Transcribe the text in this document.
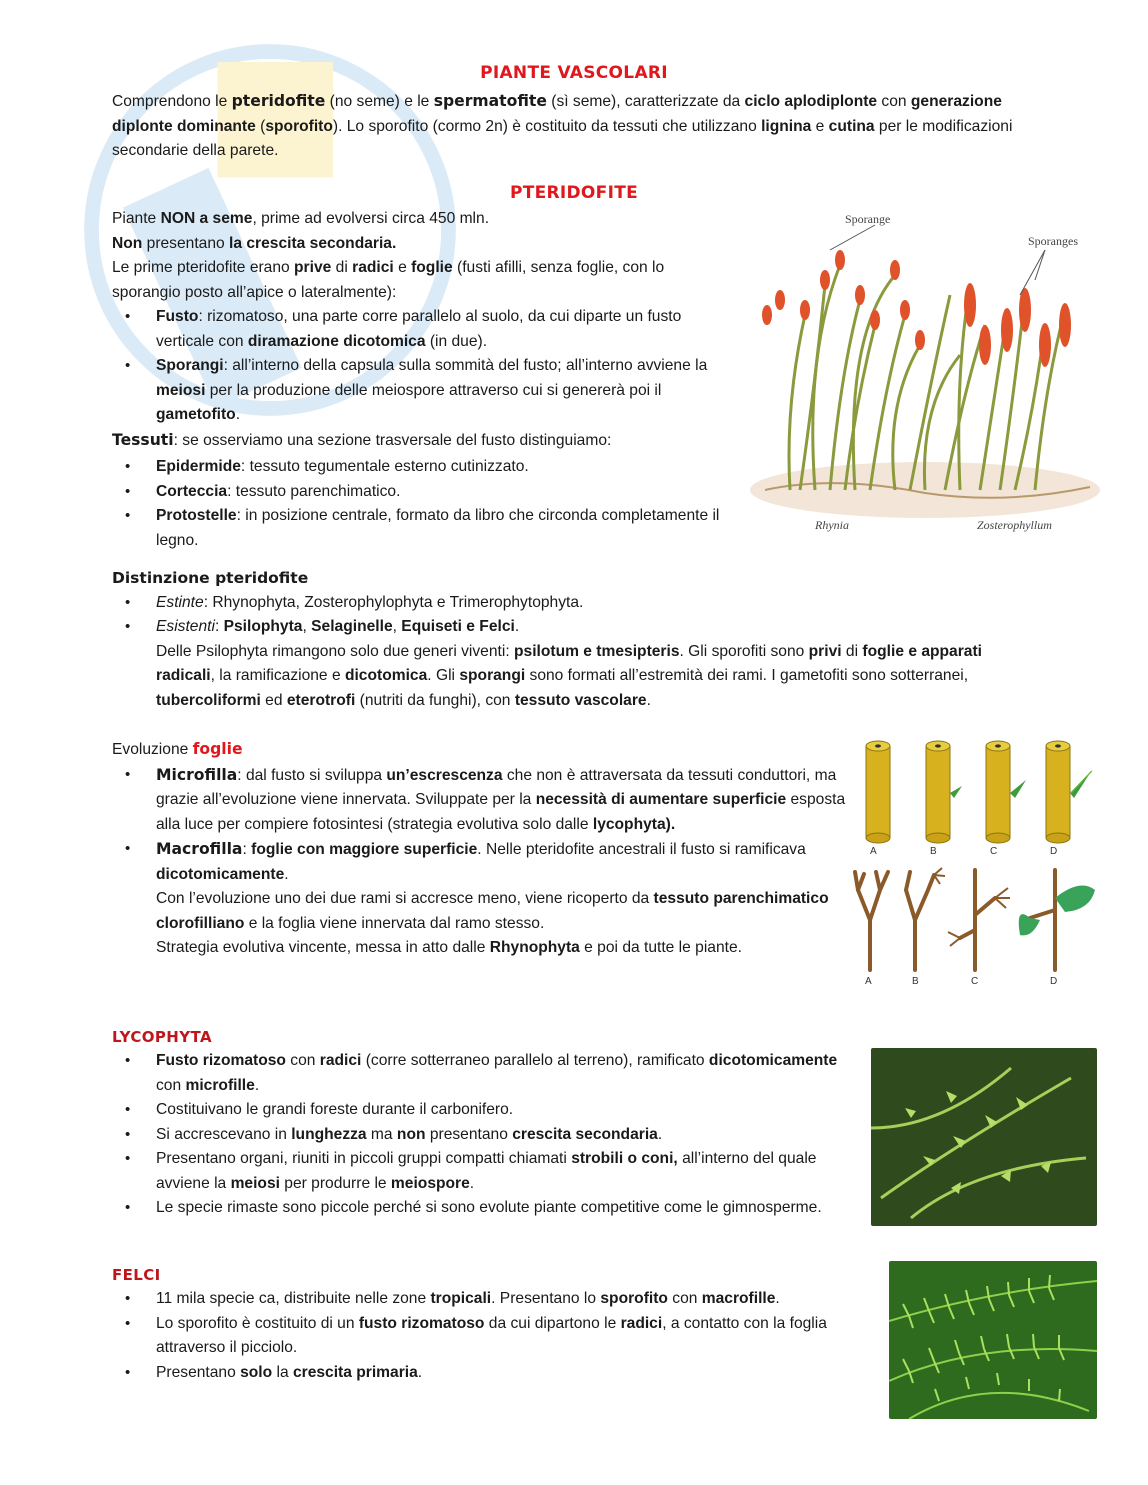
PIANTE VASCOLARI

Comprendono le pteridofite (no seme) e le spermatofite (sì seme), caratterizzate da ciclo aplodiplonte con generazione diplonte dominante (sporofito). Lo sporofito (cormo 2n) è costituito da tessuti che utilizzano lignina e cutina per le modificazioni secondarie della parete.

PTERIDOFITE

Piante NON a seme, prime ad evolversi circa 450 mln.

Non presentano la crescita secondaria.

Le prime pteridofite erano prive di radici e foglie (fusti afilli, senza foglie, con lo sporangio posto all’apice o lateralmente):

• Fusto: rizomatoso, una parte corre parallelo al suolo, da cui diparte un fusto verticale con diramazione dicotomica (in due).
• Sporangi: all’interno della capsula sulla sommità del fusto; all’interno avviene la meiosi per la produzione delle meiospore attraverso cui si genererà poi il gametofito.

Tessuti: se osserviamo una sezione trasversale del fusto distinguiamo:

• Epidermide: tessuto tegumentale esterno cutinizzato.
• Corteccia: tessuto parenchimatico.
• Protostelle: in posizione centrale, formato da libro che circonda completamente il legno.
Sporange
Sporanges
Rhynia	Zosterophyllum

Distinzione pteridofite

• Estinte: Rhynophyta, Zosterophylophyta e Trimerophytophyta.
• Esistenti: Psilophyta, Selaginelle, Equiseti e Felci.

Delle Psilophyta rimangono solo due generi viventi: psilotum e tmesipteris. Gli sporofiti sono privi di foglie e apparati radicali, la ramificazione e dicotomica. Gli sporangi sono formati all’estremità dei rami. I gametofiti sono sotterranei, tubercoliformi ed eterotrofi (nutriti da funghi), con tessuto vascolare.

Evoluzione foglie

• Microfilla: dal fusto si sviluppa un’escrescenza che non è attraversata da tessuti conduttori, ma grazie all’evoluzione viene innervata. Sviluppate per la necessità di aumentare superficie esposta alla luce per compiere fotosintesi (strategia evolutiva solo dalle lycophyta).
• Macrofilla: foglie con maggiore superficie. Nelle pteridofite ancestrali il fusto si ramificava dicotomicamente.
Con l’evoluzione uno dei due rami si accresce meno, viene ricoperto da tessuto parenchimatico clorofilliano e la foglia viene innervata dal ramo stesso.
Strategia evolutiva vincente, messa in atto dalle Rhynophyta e poi da tutte le piante.
A	B	C	D
A	B	C	D
LYCOPHYTA
• Fusto rizomatoso con radici (corre sotterraneo parallelo al terreno), ramificato dicotomicamente con microfille.
• Costituivano le grandi foreste durante il carbonifero.
• Si accrescevano in lunghezza ma non presentano crescita secondaria.
• Presentano organi, riuniti in piccoli gruppi compatti chiamati strobili o coni, all’interno del quale avviene la meiosi per produrre le meiospore.
• Le specie rimaste sono piccole perché si sono evolute piante competitive come le gimnosperme.
FELCI
• 11 mila specie ca, distribuite nelle zone tropicali. Presentano lo sporofito con macrofille.
• Lo sporofito è costituito di un fusto rizomatoso da cui dipartono le radici, a contatto con la foglia attraverso il picciolo.
• Presentano solo la crescita primaria.
